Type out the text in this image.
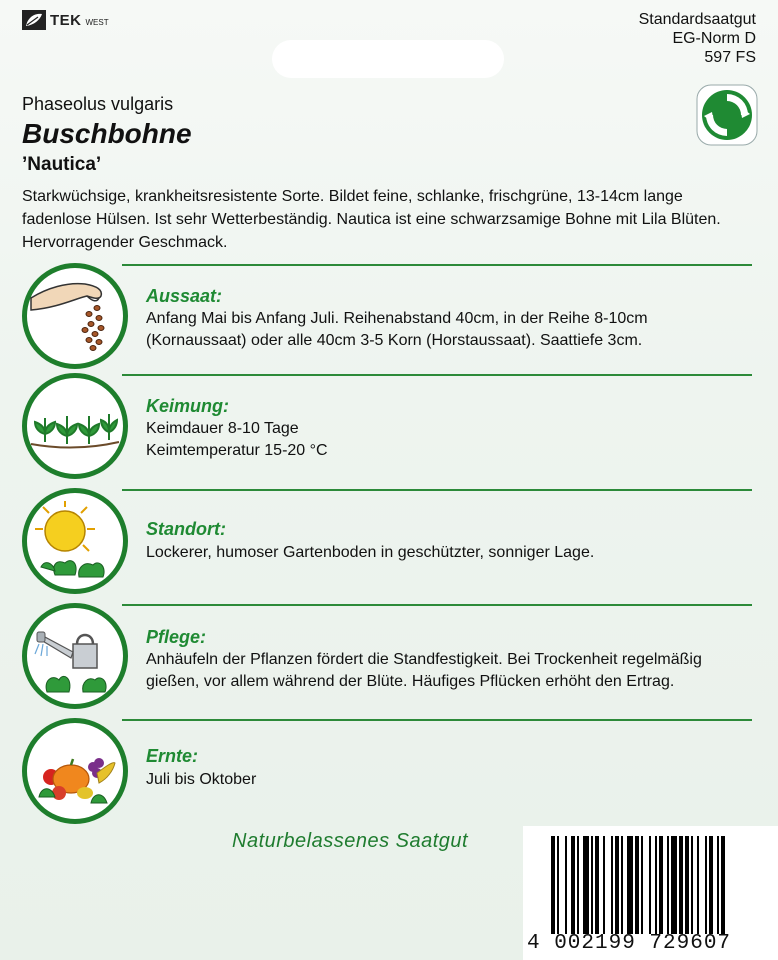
TEK WEST	Standardsaatgut
EG-Norm D
597 FS
Phaseolus vulgaris
Buschbohne
’Nautica’
Starkwüchsige, krankheitsresistente Sorte. Bildet feine, schlanke, frischgrüne, 13-14cm lange fadenlose Hülsen. Ist sehr Wetterbeständig. Nautica ist eine schwarzsamige Bohne mit Lila Blüten. Hervorragender Geschmack.
Aussaat:
Anfang Mai bis Anfang Juli. Reihenabstand 40cm, in der Reihe 8-10cm (Kornaussaat) oder alle 40cm 3-5 Korn (Horstaussaat). Saattiefe 3cm.
Keimung:
Keimdauer 8-10 Tage
Keimtemperatur 15-20 °C
Standort:
Lockerer, humoser Gartenboden in geschützter, sonniger Lage.
Pflege:
Anhäufeln der Pflanzen fördert die Standfestigkeit. Bei Trockenheit regelmäßig gießen, vor allem während der Blüte. Häufiges Pflücken erhöht den Ertrag.
Ernte:
Juli bis Oktober
Naturbelassenes Saatgut
4 002199 729607
